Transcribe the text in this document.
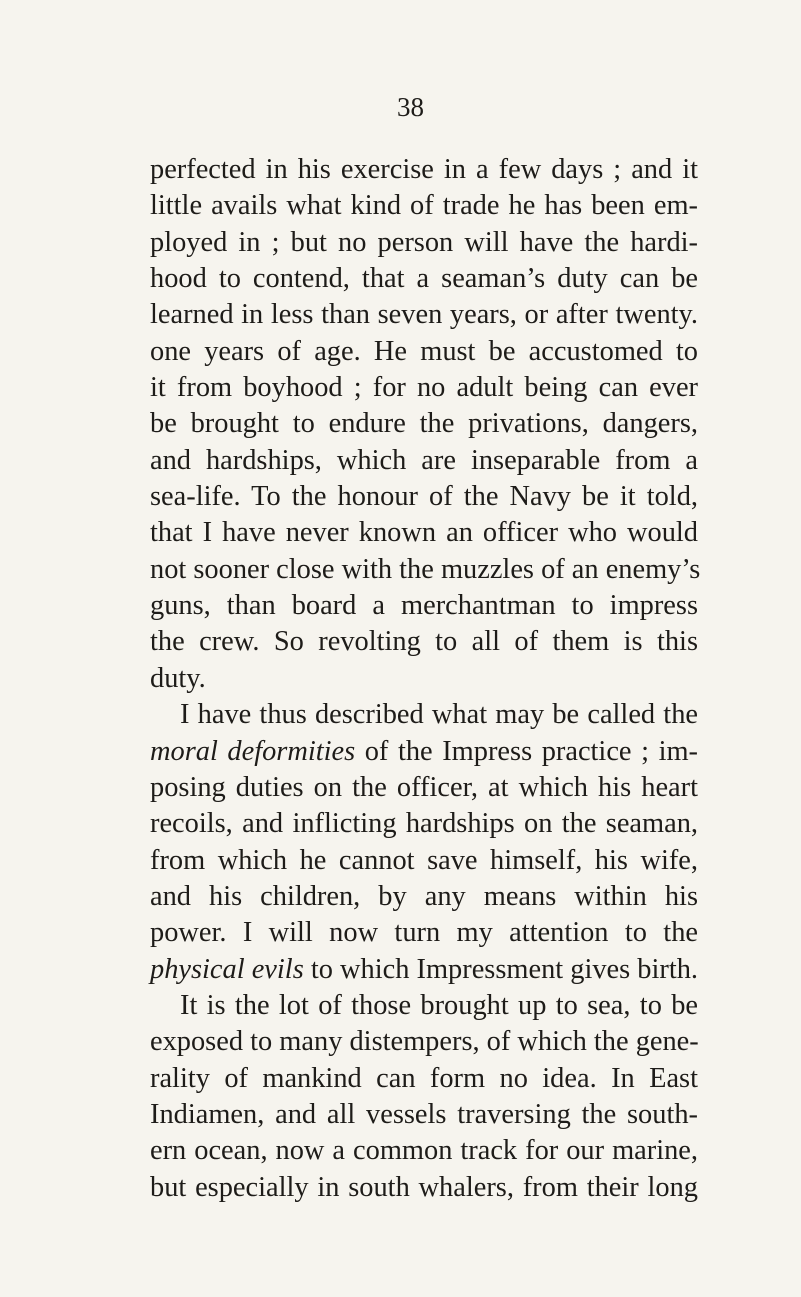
38
perfected in his exercise in a few days ; and it
little avails what kind of trade he has been em-
ployed in ; but no person will have the hardi-
hood to contend, that a seaman’s duty can be
learned in less than seven years, or after twenty.
one years of age. He must be accustomed to
it from boyhood ; for no adult being can ever
be brought to endure the privations, dangers,
and hardships, which are inseparable from a
sea-life. To the honour of the Navy be it told,
that I have never known an officer who would
not sooner close with the muzzles of an enemy’s
guns, than board a merchantman to impress
the crew. So revolting to all of them is this
duty.
I have thus described what may be called the
moral deformities of the Impress practice ; im-
posing duties on the officer, at which his heart
recoils, and inflicting hardships on the seaman,
from which he cannot save himself, his wife,
and his children, by any means within his
power. I will now turn my attention to the
physical evils to which Impressment gives birth.
It is the lot of those brought up to sea, to be
exposed to many distempers, of which the gene-
rality of mankind can form no idea. In East
Indiamen, and all vessels traversing the south-
ern ocean, now a common track for our marine,
but especially in south whalers, from their long
